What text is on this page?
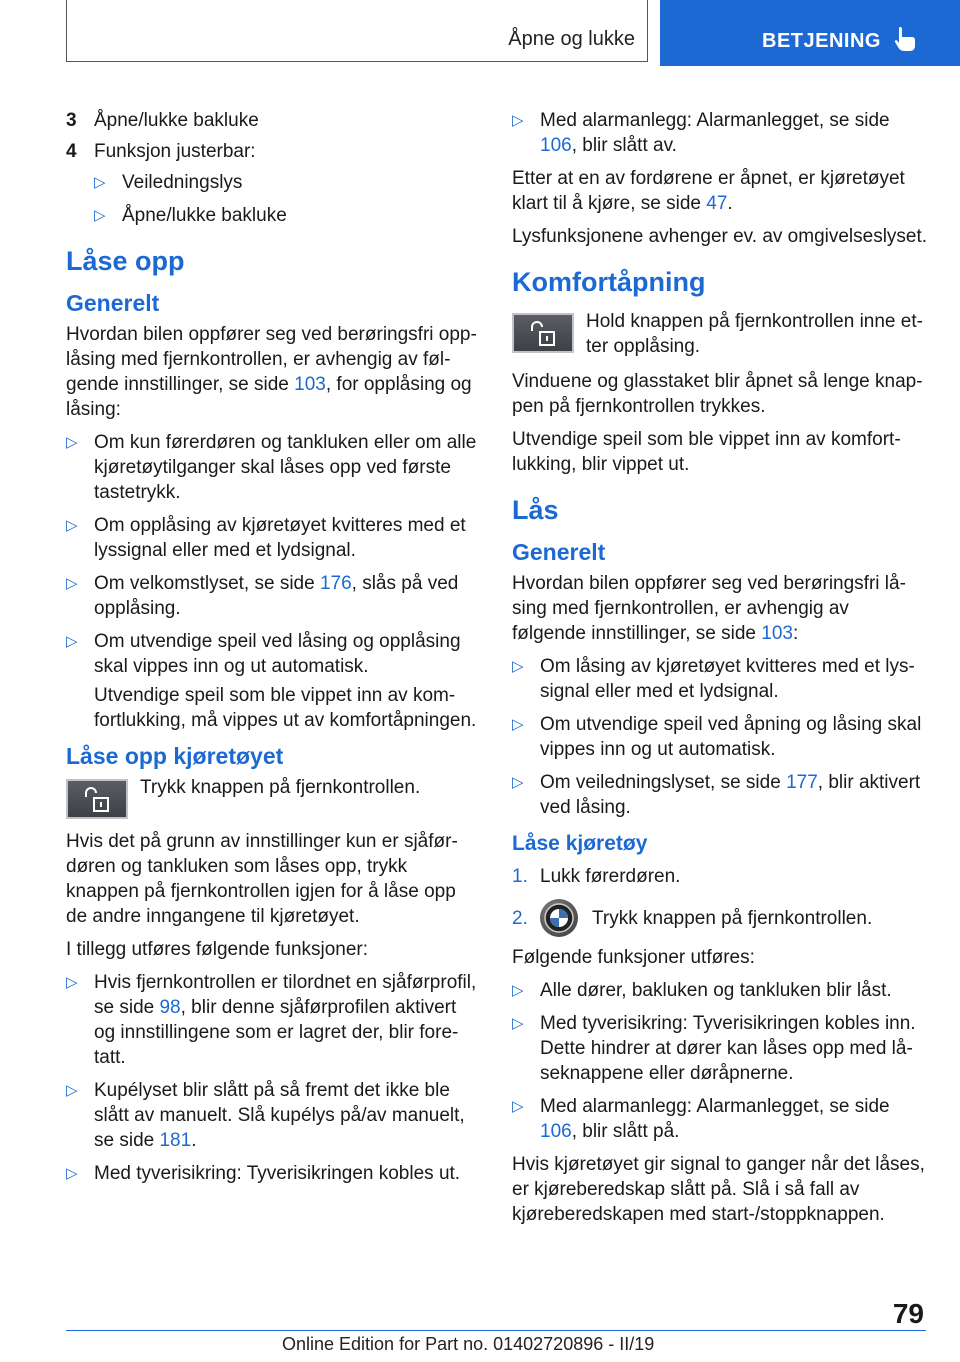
Åpne og lukke	BETJENING
3 Åpne/lukke bakluke
4 Funksjon justerbar:
▷ Veiledningslys
▷ Åpne/lukke bakluke
Låse opp
Generelt

Hvordan bilen oppfører seg ved berøringsfri opplåsing med fjernkontrollen, er avhengig av følgende innstillinger, se side 103, for opplåsing og låsing:

▷ Om kun førerdøren og tankluken eller om alle kjøretøytilganger skal låses opp ved første tastetrykk.
▷ Om opplåsing av kjøretøyet kvitteres med et lyssignal eller med et lydsignal.
▷ Om velkomstlyset, se side 176, slås på ved opplåsing.
▷ Om utvendige speil ved låsing og opplåsing skal vippes inn og ut automatisk.

Utvendige speil som ble vippet inn av komfortlukking, må vippes ut av komfortåpningen.

Låse opp kjøretøyet
Trykk knappen på fjernkontrollen.

Hvis det på grunn av innstillinger kun er sjåførdøren og tankluken som låses opp, trykk knappen på fjernkontrollen igjen for å låse opp de andre inngangene til kjøretøyet.

I tillegg utføres følgende funksjoner:

▷ Hvis fjernkontrollen er tilordnet en sjåførprofil, se side 98, blir denne sjåførprofilen aktivert og innstillingene som er lagret der, blir foretatt.
▷ Kupélyset blir slått på så fremt det ikke ble slått av manuelt. Slå kupélys på/av manuelt, se side 181.
▷ Med tyverisikring: Tyverisikringen kobles ut.
▷ Med alarmanlegg: Alarmanlegget, se side 106, blir slått av.

Etter at en av fordørene er åpnet, er kjøretøyet klart til å kjøre, se side 47.

Lysfunksjonene avhenger ev. av omgivelseslyset.

Komfortåpning
Hold knappen på fjernkontrollen inne etter opplåsing.

Vinduene og glasstaket blir åpnet så lenge knappen på fjernkontrollen trykkes.

Utvendige speil som ble vippet inn av komfortlukking, blir vippet ut.

Lås
Generelt

Hvordan bilen oppfører seg ved berøringsfri låsing med fjernkontrollen, er avhengig av følgende innstillinger, se side 103:

▷ Om låsing av kjøretøyet kvitteres med et lyssignal eller med et lydsignal.
▷ Om utvendige speil ved åpning og låsing skal vippes inn og ut automatisk.
▷ Om veiledningslyset, se side 177, blir aktivert ved låsing.
Låse kjøretøy
1. Lukk førerdøren.
2.	Trykk knappen på fjernkontrollen.

Følgende funksjoner utføres:

▷ Alle dører, bakluken og tankluken blir låst.
▷ Med tyverisikring: Tyverisikringen kobles inn. Dette hindrer at dører kan låses opp med låseknappene eller døråpnerne.
▷ Med alarmanlegg: Alarmanlegget, se side 106, blir slått på.

Hvis kjøretøyet gir signal to ganger når det låses, er kjøreberedskap slått på. Slå i så fall av kjøreberedskapen med start-/stoppknappen.

79
Online Edition for Part no. 01402720896 - II/19
